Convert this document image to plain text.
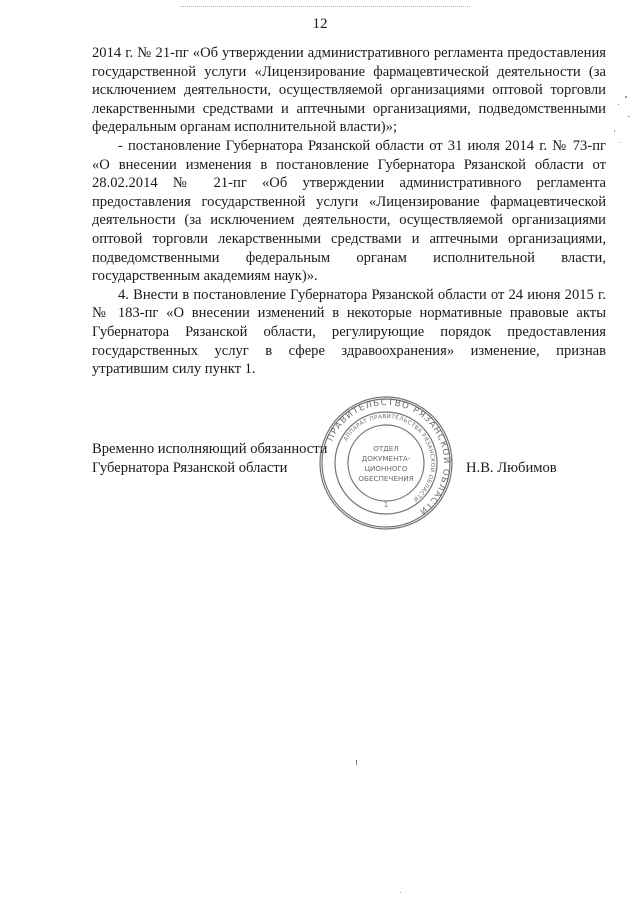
12

2014 г. № 21-пг «Об утверждении административного регламента предоставления государственной услуги «Лицензирование фармацевтической деятельности (за исключением деятельности, осуществляемой организациями оптовой торговли лекарственными средствами и аптечными организациями, подведомственными федеральным органам исполнительной власти)»;

- постановление Губернатора Рязанской области от 31 июля 2014 г. № 73-пг «О внесении изменения в постановление Губернатора Рязанской области от 28.02.2014 № 21-пг «Об утверждении административного регламента предоставления государственной услуги «Лицензирование фармацевтической деятельности (за исключением деятельности, осуществляемой организациями оптовой торговли лекарственными средствами и аптечными организациями, подведомственными федеральным органам исполнительной власти, государственным академиям наук)».

4. Внести в постановление Губернатора Рязанской области от 24 июня 2015 г. № 183-пг «О внесении изменений в некоторые нормативные правовые акты Губернатора Рязанской области, регулирующие порядок предоставления государственных услуг в сфере здравоохранения» изменение, признав утратившим силу пункт 1.

Временно исполняющий обязанности
Губернатора Рязанской области	Н.В. Любимов
ПРАВИТЕЛЬСТВО РЯЗАНСКОЙ ОБЛАСТИ
АППАРАТ ПРАВИТЕЛЬСТВА РЯЗАНСКОЙ ОБЛАСТИ
ОТДЕЛ
ДОКУМЕНТА-
ЦИОННОГО
ОБЕСПЕЧЕНИЯ
1
